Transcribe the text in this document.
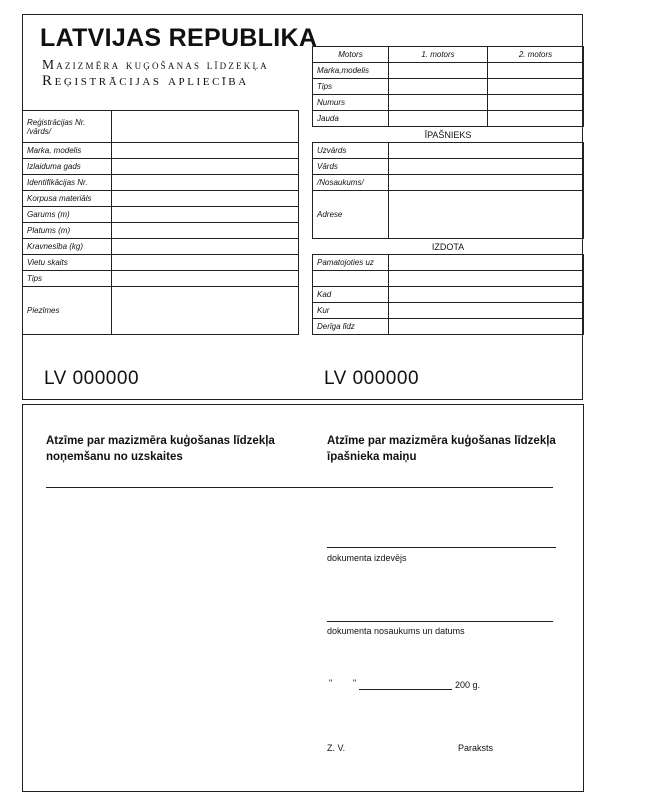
LATVIJAS REPUBLIKA
Mazizmēra kuģošanas līdzekļa
Reģistrācijas apliecība
Reģistrācijas Nr. /vārds/	
Marka, modelis	
Izlaiduma gads	
Identifikācijas Nr.	
Korpusa materiāls	
Garums (m)	
Platums (m)	
Kravnesība (kg)	
Vietu skaits	
Tips	
Piezīmes	
Motors	1. motors	2. motors
Marka,modelis		
Tips		
Numurs		
Jauda		
ĪPAŠNIEKS		
Uzvārds		
Vārds		
/Nosaukums/		
Adrese		
IZDOTA		
Pamatojoties uz		

Kad		
Kur		
Derīga līdz		
LV 000000	LV 000000
Atzīme par mazizmēra kuģošanas līdzekļa noņemšanu no uzskaites
Atzīme par mazizmēra kuģošanas līdzekļa īpašnieka maiņu
dokumenta izdevējs
dokumenta nosaukums un datums
" "	200 g.
Z. V.	Paraksts
